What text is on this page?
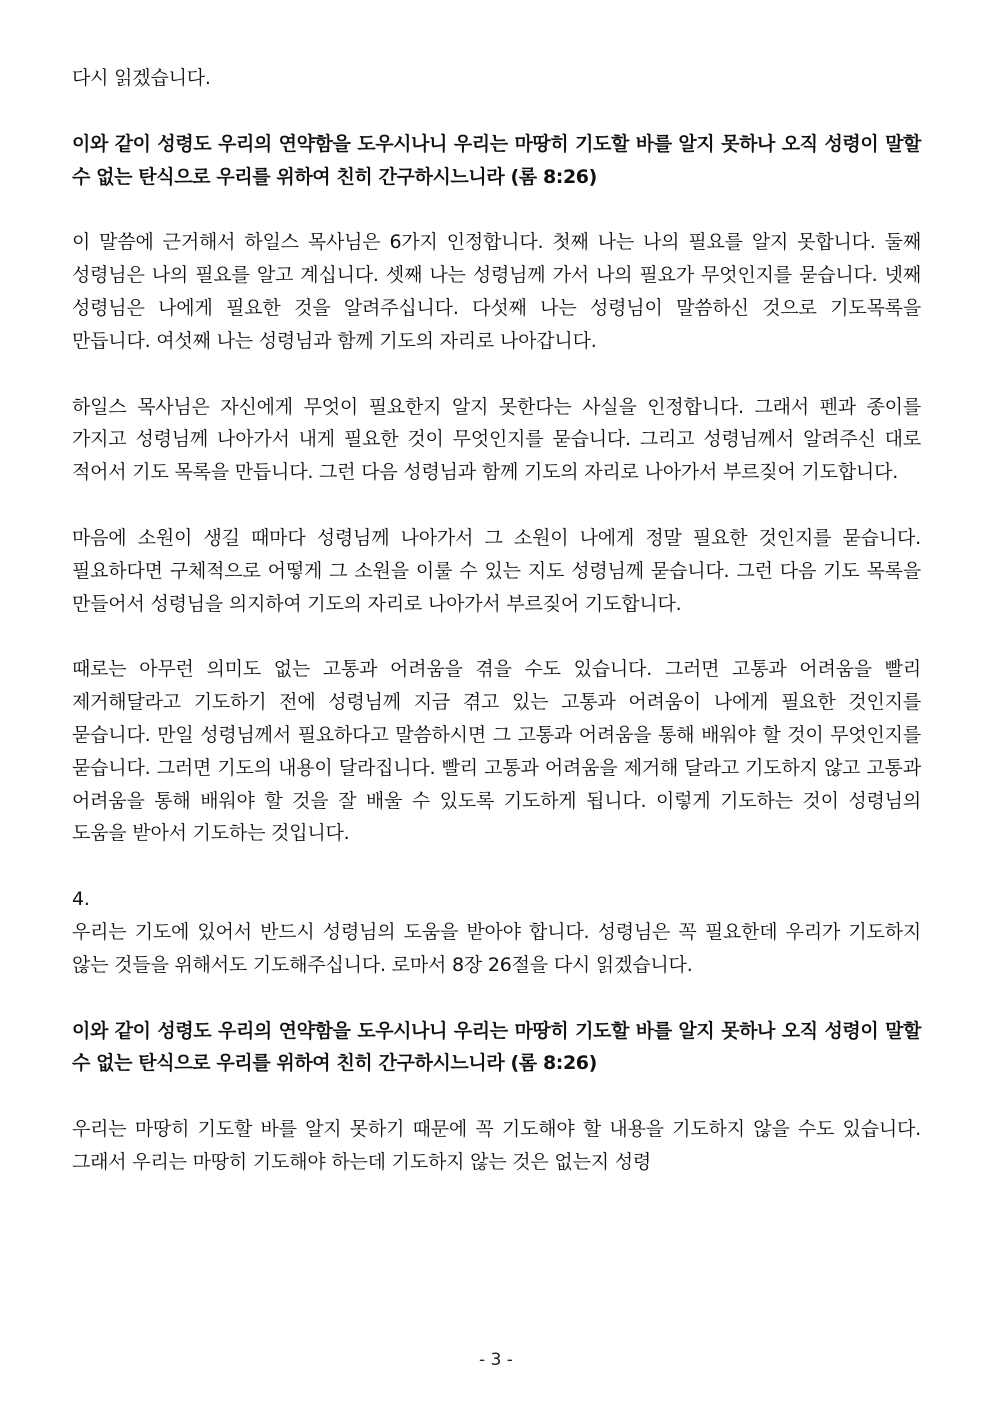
다시 읽겠습니다.

이와 같이 성령도 우리의 연약함을 도우시나니 우리는 마땅히 기도할 바를 알지 못하나 오직 성령이 말할 수 없는 탄식으로 우리를 위하여 친히 간구하시느니라 (롬 8:26)

이 말씀에 근거해서 하일스 목사님은 6가지 인정합니다. 첫째 나는 나의 필요를 알지 못합니다. 둘째 성령님은 나의 필요를 알고 계십니다. 셋째 나는 성령님께 가서 나의 필요가 무엇인지를 묻습니다. 넷째 성령님은 나에게 필요한 것을 알려주십니다. 다섯째 나는 성령님이 말씀하신 것으로 기도목록을 만듭니다. 여섯째 나는 성령님과 함께 기도의 자리로 나아갑니다.

하일스 목사님은 자신에게 무엇이 필요한지 알지 못한다는 사실을 인정합니다. 그래서 펜과 종이를 가지고 성령님께 나아가서 내게 필요한 것이 무엇인지를 묻습니다. 그리고 성령님께서 알려주신 대로 적어서 기도 목록을 만듭니다. 그런 다음 성령님과 함께 기도의 자리로 나아가서 부르짖어 기도합니다.

마음에 소원이 생길 때마다 성령님께 나아가서 그 소원이 나에게 정말 필요한 것인지를 묻습니다. 필요하다면 구체적으로 어떻게 그 소원을 이룰 수 있는 지도 성령님께 묻습니다. 그런 다음 기도 목록을 만들어서 성령님을 의지하여 기도의 자리로 나아가서 부르짖어 기도합니다.

때로는 아무런 의미도 없는 고통과 어려움을 겪을 수도 있습니다. 그러면 고통과 어려움을 빨리 제거해달라고 기도하기 전에 성령님께 지금 겪고 있는 고통과 어려움이 나에게 필요한 것인지를 묻습니다. 만일 성령님께서 필요하다고 말씀하시면 그 고통과 어려움을 통해 배워야 할 것이 무엇인지를 묻습니다. 그러면 기도의 내용이 달라집니다. 빨리 고통과 어려움을 제거해 달라고 기도하지 않고 고통과 어려움을 통해 배워야 할 것을 잘 배울 수 있도록 기도하게 됩니다. 이렇게 기도하는 것이 성령님의 도움을 받아서 기도하는 것입니다.

4.

우리는 기도에 있어서 반드시 성령님의 도움을 받아야 합니다. 성령님은 꼭 필요한데 우리가 기도하지 않는 것들을 위해서도 기도해주십니다. 로마서 8장 26절을 다시 읽겠습니다.

이와 같이 성령도 우리의 연약함을 도우시나니 우리는 마땅히 기도할 바를 알지 못하나 오직 성령이 말할 수 없는 탄식으로 우리를 위하여 친히 간구하시느니라 (롬 8:26)

우리는 마땅히 기도할 바를 알지 못하기 때문에 꼭 기도해야 할 내용을 기도하지 않을 수도 있습니다. 그래서 우리는 마땅히 기도해야 하는데 기도하지 않는 것은 없는지 성령

- 3 -
